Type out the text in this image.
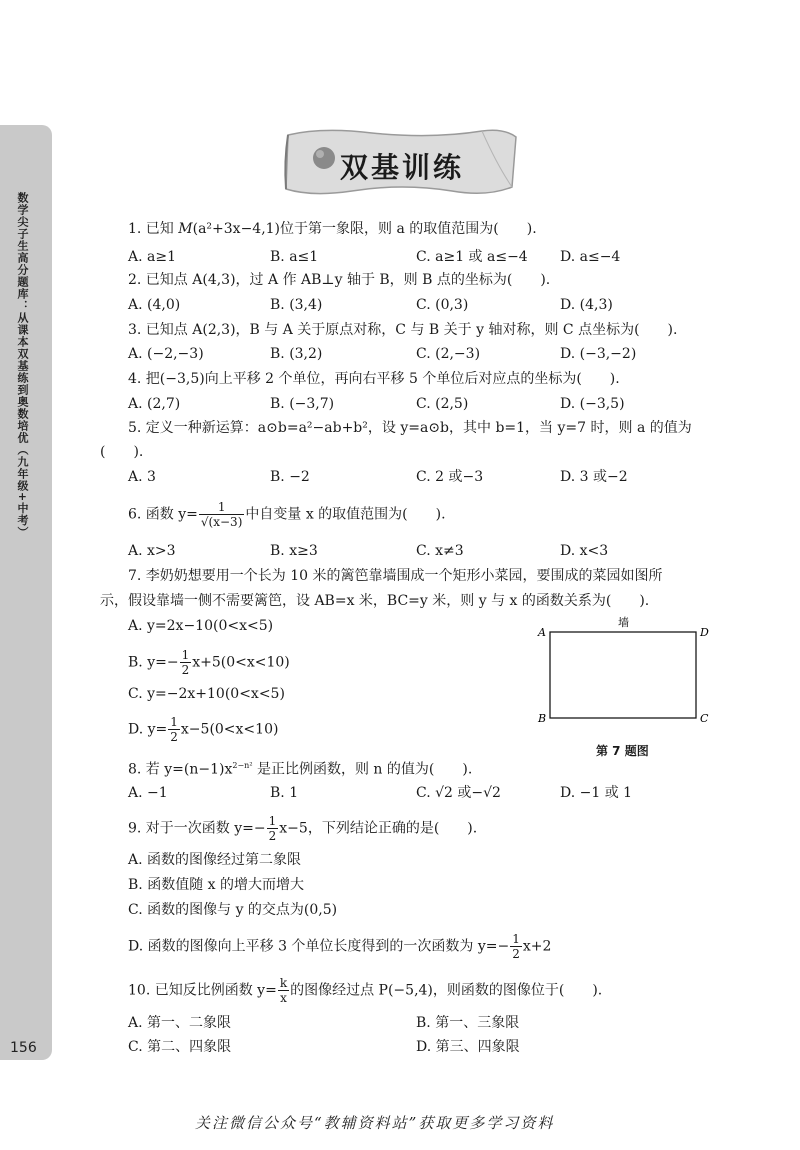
数学尖子生高分题库：从课本双基练到奥数培优（九年级+中考）
156
双基训练
1. 已知 M(a²+3x−4,1)位于第一象限，则 a 的取值范围为(　　).
A. a≥1	B. a≤1	C. a≥1 或 a≤−4 D. a≤−4
2. 已知点 A(4,3)，过 A 作 AB⊥y 轴于 B，则 B 点的坐标为(　　).
A. (4,0)	B. (3,4)	C. (0,3)	D. (4,3)
3. 已知点 A(2,3)，B 与 A 关于原点对称，C 与 B 关于 y 轴对称，则 C 点坐标为(　　).
A. (−2,−3)	B. (3,2)	C. (2,−3)	D. (−3,−2)
4. 把(−3,5)向上平移 2 个单位，再向右平移 5 个单位后对应点的坐标为(　　).
A. (2,7)	B. (−3,7)	C. (2,5)	D. (−3,5)
5. 定义一种新运算：a⊙b=a²−ab+b²，设 y=a⊙b，其中 b=1，当 y=7 时，则 a 的值为
(　　).
A. 3	B. −2	C. 2 或−3	D. 3 或−2
6. 函数 $y= \frac{1}{√(x-3)}$ 中自变量 x 的取值范围为(　　).
A. x>3	B. x≥3	C. x≠3	D. x<3
7. 李奶奶想要用一个长为 10 米的篱笆靠墙围成一个矩形小菜园，要围成的菜园如图所
示，假设靠墙一侧不需要篱笆，设 AB=x 米，BC=y 米，则 y 与 x 的函数关系为(　　).
A. y=2x−10(0<x<5)
B. $y=- \frac{1}{2} x+5(0<x<10)$
C. y=−2x+10(0<x<5)
D. $y= \frac{1}{2} x-5(0<x<10)$
墙
A	D
B	C
第 7 题图
8. 若 $y=(n-1)x^{2-n^2}$ 是正比例函数，则 n 的值为(　　).
A. −1	B. 1	C. √2 或−√2	D. −1 或 1
9. 对于一次函数 $y=- \frac{1}{2} x-5$，下列结论正确的是(　　).
A. 函数的图像经过第二象限
B. 函数值随 x 的增大而增大
C. 函数的图像与 y 的交点为(0,5)
D. 函数的图像向上平移 3 个单位长度得到的一次函数为 $y=- \frac{1}{2} x+2$
10. 已知反比例函数 $y= \frac{k}{x}$ 的图像经过点 P(−5,4)，则函数的图像位于(　　).
A. 第一、二象限	B. 第一、三象限
C. 第二、四象限	D. 第三、四象限
关注微信公众号“教辅资料站”获取更多学习资料
